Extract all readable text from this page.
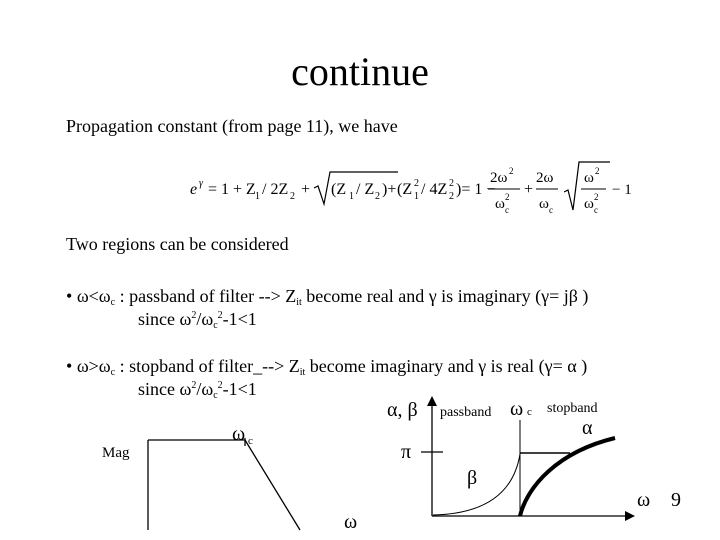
continue
Propagation constant (from page 11), we have
e γ = 1 + Z 1 / 2Z 2 + (Z 1 / Z 2 )+ (Z 1
2 / 4Z 2
2 )= 1 −
2ω 2
ω c
2 +
2ω
ω c
ω 2
ω c
2 − 1
Two regions can be considered
• $\omega<\omega_c$ : passband of filter --> $Z_{it}$ become real and γ is imaginary (γ= jβ )
since $\omega^2/\omega_c^2-1<1$
• $\omega>\omega_c$ : stopband of filter_--> $Z_{it}$ become imaginary and γ is real (γ= α )
since $\omega^2/\omega_c^2-1<1$
Mag
ω c
ω
α, β passband ω c stopband
α
π
β
ω 9
